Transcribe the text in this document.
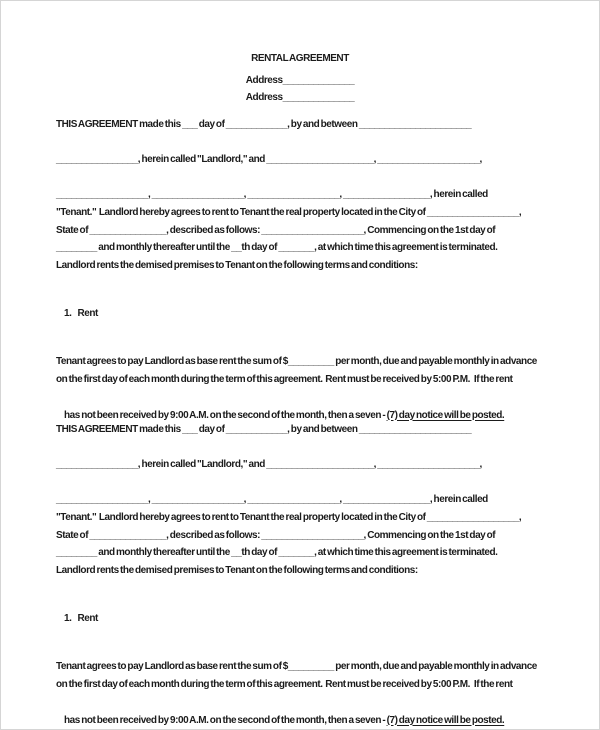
RENTAL AGREEMENT
Address______________
Address______________
THIS AGREEMENT made this ___ day of ____________, by and between ______________________
________________, herein called "Landlord," and _____________________, ____________________,
__________________, __________________, __________________, _________________, herein called
"Tenant."  Landlord hereby agrees to rent to Tenant the real property located in the City of __________________,
State of _______________, described as follows: ____________________, Commencing on the 1st day of
________ and monthly thereafter until the __th day of _______, at which time this agreement is terminated.
Landlord rents the demised premises to Tenant on the following terms and conditions:

1. Rent

Tenant agrees to pay Landlord as base rent the sum of $_________ per month, due and payable monthly in advance
on the first day of each month during the term of this agreement.  Rent must be received by 5:00 P.M.   If the rent

has not been received by 9:00 A.M. on the second of the month, then a seven - (7) day notice will be posted.

THIS AGREEMENT made this ___ day of ____________, by and between ______________________
________________, herein called "Landlord," and _____________________, ____________________,
__________________, __________________, __________________, _________________, herein called
"Tenant."  Landlord hereby agrees to rent to Tenant the real property located in the City of __________________,
State of _______________, described as follows: ____________________, Commencing on the 1st day of
________ and monthly thereafter until the __th day of _______, at which time this agreement is terminated.
Landlord rents the demised premises to Tenant on the following terms and conditions:

1. Rent

Tenant agrees to pay Landlord as base rent the sum of $_________ per month, due and payable monthly in advance
on the first day of each month during the term of this agreement.  Rent must be received by 5:00 P.M.   If the rent

has not been received by 9:00 A.M. on the second of the month, then a seven - (7) day notice will be posted.
